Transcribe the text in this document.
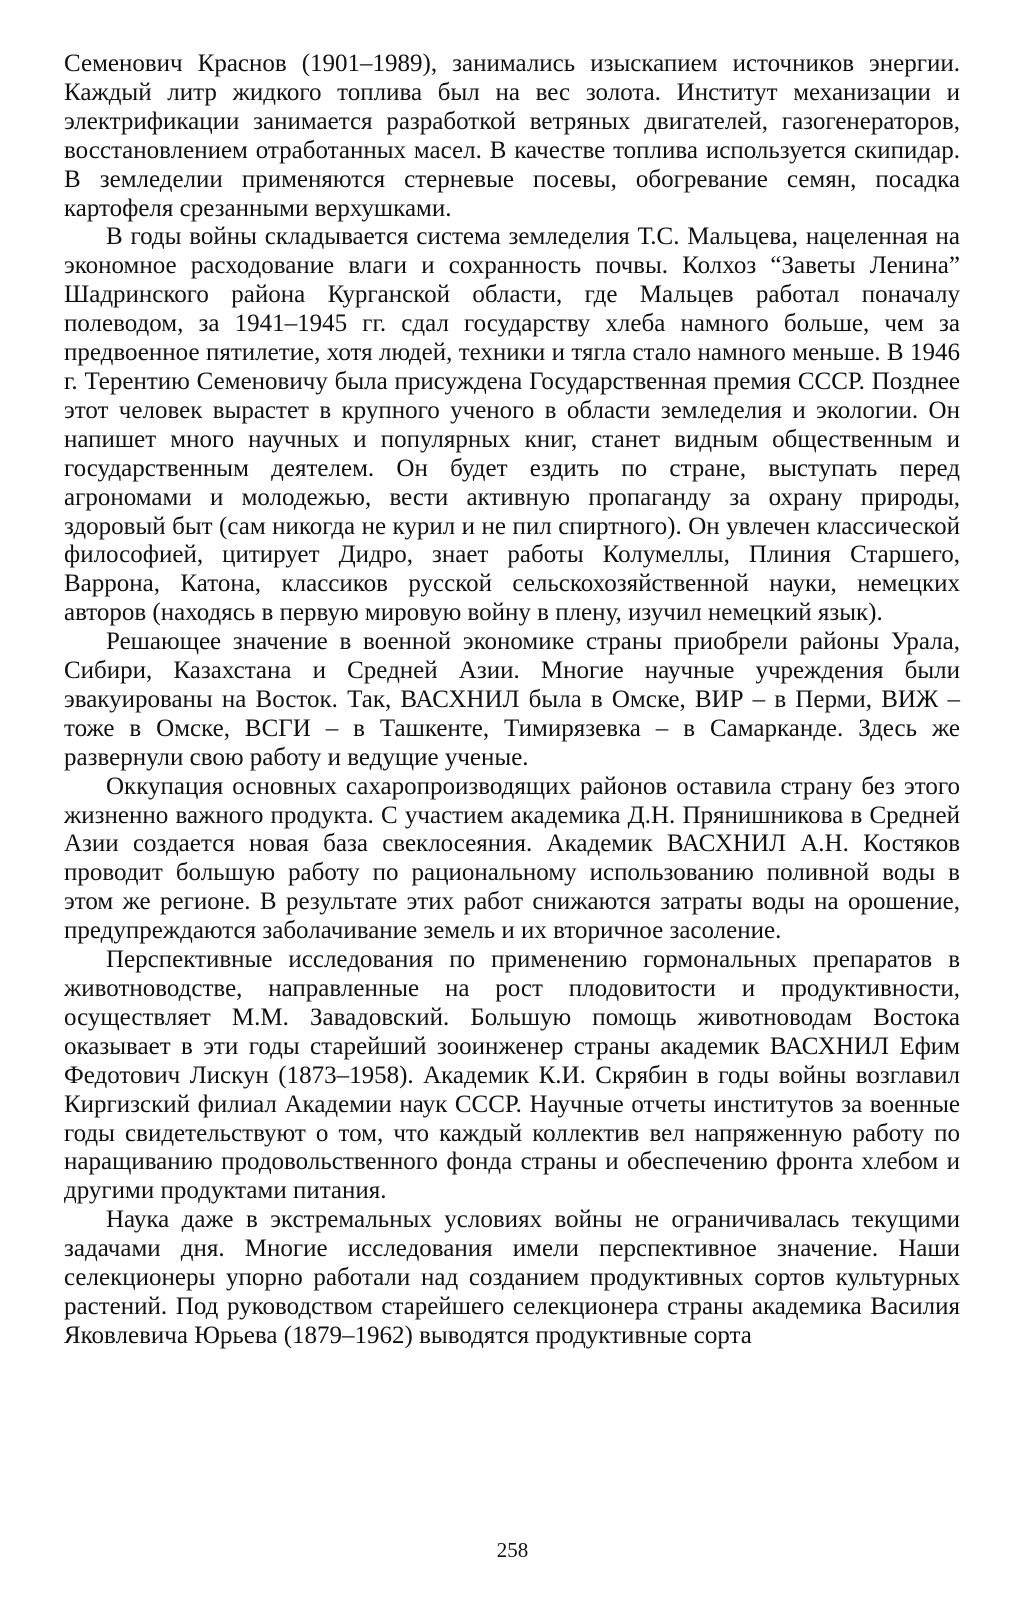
Семенович Краснов (1901–1989), занимались изыскапием источников энергии. Каждый литр жидкого топлива был на вес золота. Институт механизации и электрификации занимается разработкой ветряных двигателей, газогенераторов, восстановлением отработанных масел. В качестве топлива используется скипидар. В земледелии применяются стерневые посевы, обогревание семян, посадка картофеля срезанными верхушками.

В годы войны складывается система земледелия Т.С. Мальцева, нацеленная на экономное расходование влаги и сохранность почвы. Колхоз “Заветы Ленина” Шадринского района Курганской области, где Мальцев работал поначалу полеводом, за 1941–1945 гг. сдал государству хлеба намного больше, чем за предвоенное пятилетие, хотя людей, техники и тягла стало намного меньше. В 1946 г. Терентию Семеновичу была присуждена Государственная премия СССР. Позднее этот человек вырастет в крупного ученого в области земледелия и экологии. Он напишет много научных и популярных книг, станет видным общественным и государственным деятелем. Он будет ездить по стране, выступать перед агрономами и молодежью, вести активную пропаганду за охрану природы, здоровый быт (сам никогда не курил и не пил спиртного). Он увлечен классической философией, цитирует Дидро, знает работы Колумеллы, Плиния Старшего, Варрона, Катона, классиков русской сельскохозяйственной науки, немецких авторов (находясь в первую мировую войну в плену, изучил немецкий язык).

Решающее значение в военной экономике страны приобрели районы Урала, Сибири, Казахстана и Средней Азии. Многие научные учреждения были эвакуированы на Восток. Так, ВАСХНИЛ была в Омске, ВИР – в Перми, ВИЖ – тоже в Омске, ВСГИ – в Ташкенте, Тимирязевка – в Самарканде. Здесь же развернули свою работу и ведущие ученые.

Оккупация основных сахаропроизводящих районов оставила страну без этого жизненно важного продукта. С участием академика Д.Н. Прянишникова в Средней Азии создается новая база свеклосеяния. Академик ВАСХНИЛ А.Н. Костяков проводит большую работу по рациональному использованию поливной воды в этом же регионе. В результате этих работ снижаются затраты воды на орошение, предупреждаются заболачивание земель и их вторичное засоление.

Перспективные исследования по применению гормональных препаратов в животноводстве, направленные на рост плодовитости и продуктивности, осуществляет М.М. Завадовский. Большую помощь животноводам Востока оказывает в эти годы старейший зооинженер страны академик ВАСХНИЛ Ефим Федотович Лискун (1873–1958). Академик К.И. Скрябин в годы войны возглавил Киргизский филиал Академии наук СССР. Научные отчеты институтов за военные годы свидетельствуют о том, что каждый коллектив вел напряженную работу по наращиванию продовольственного фонда страны и обеспечению фронта хлебом и другими продуктами питания.

Наука даже в экстремальных условиях войны не ограничивалась текущими задачами дня. Многие исследования имели перспективное значение. Наши селекционеры упорно работали над созданием продуктивных сортов культурных растений. Под руководством старейшего селекционера страны академика Василия Яковлевича Юрьева (1879–1962) выводятся продуктивные сорта

258
